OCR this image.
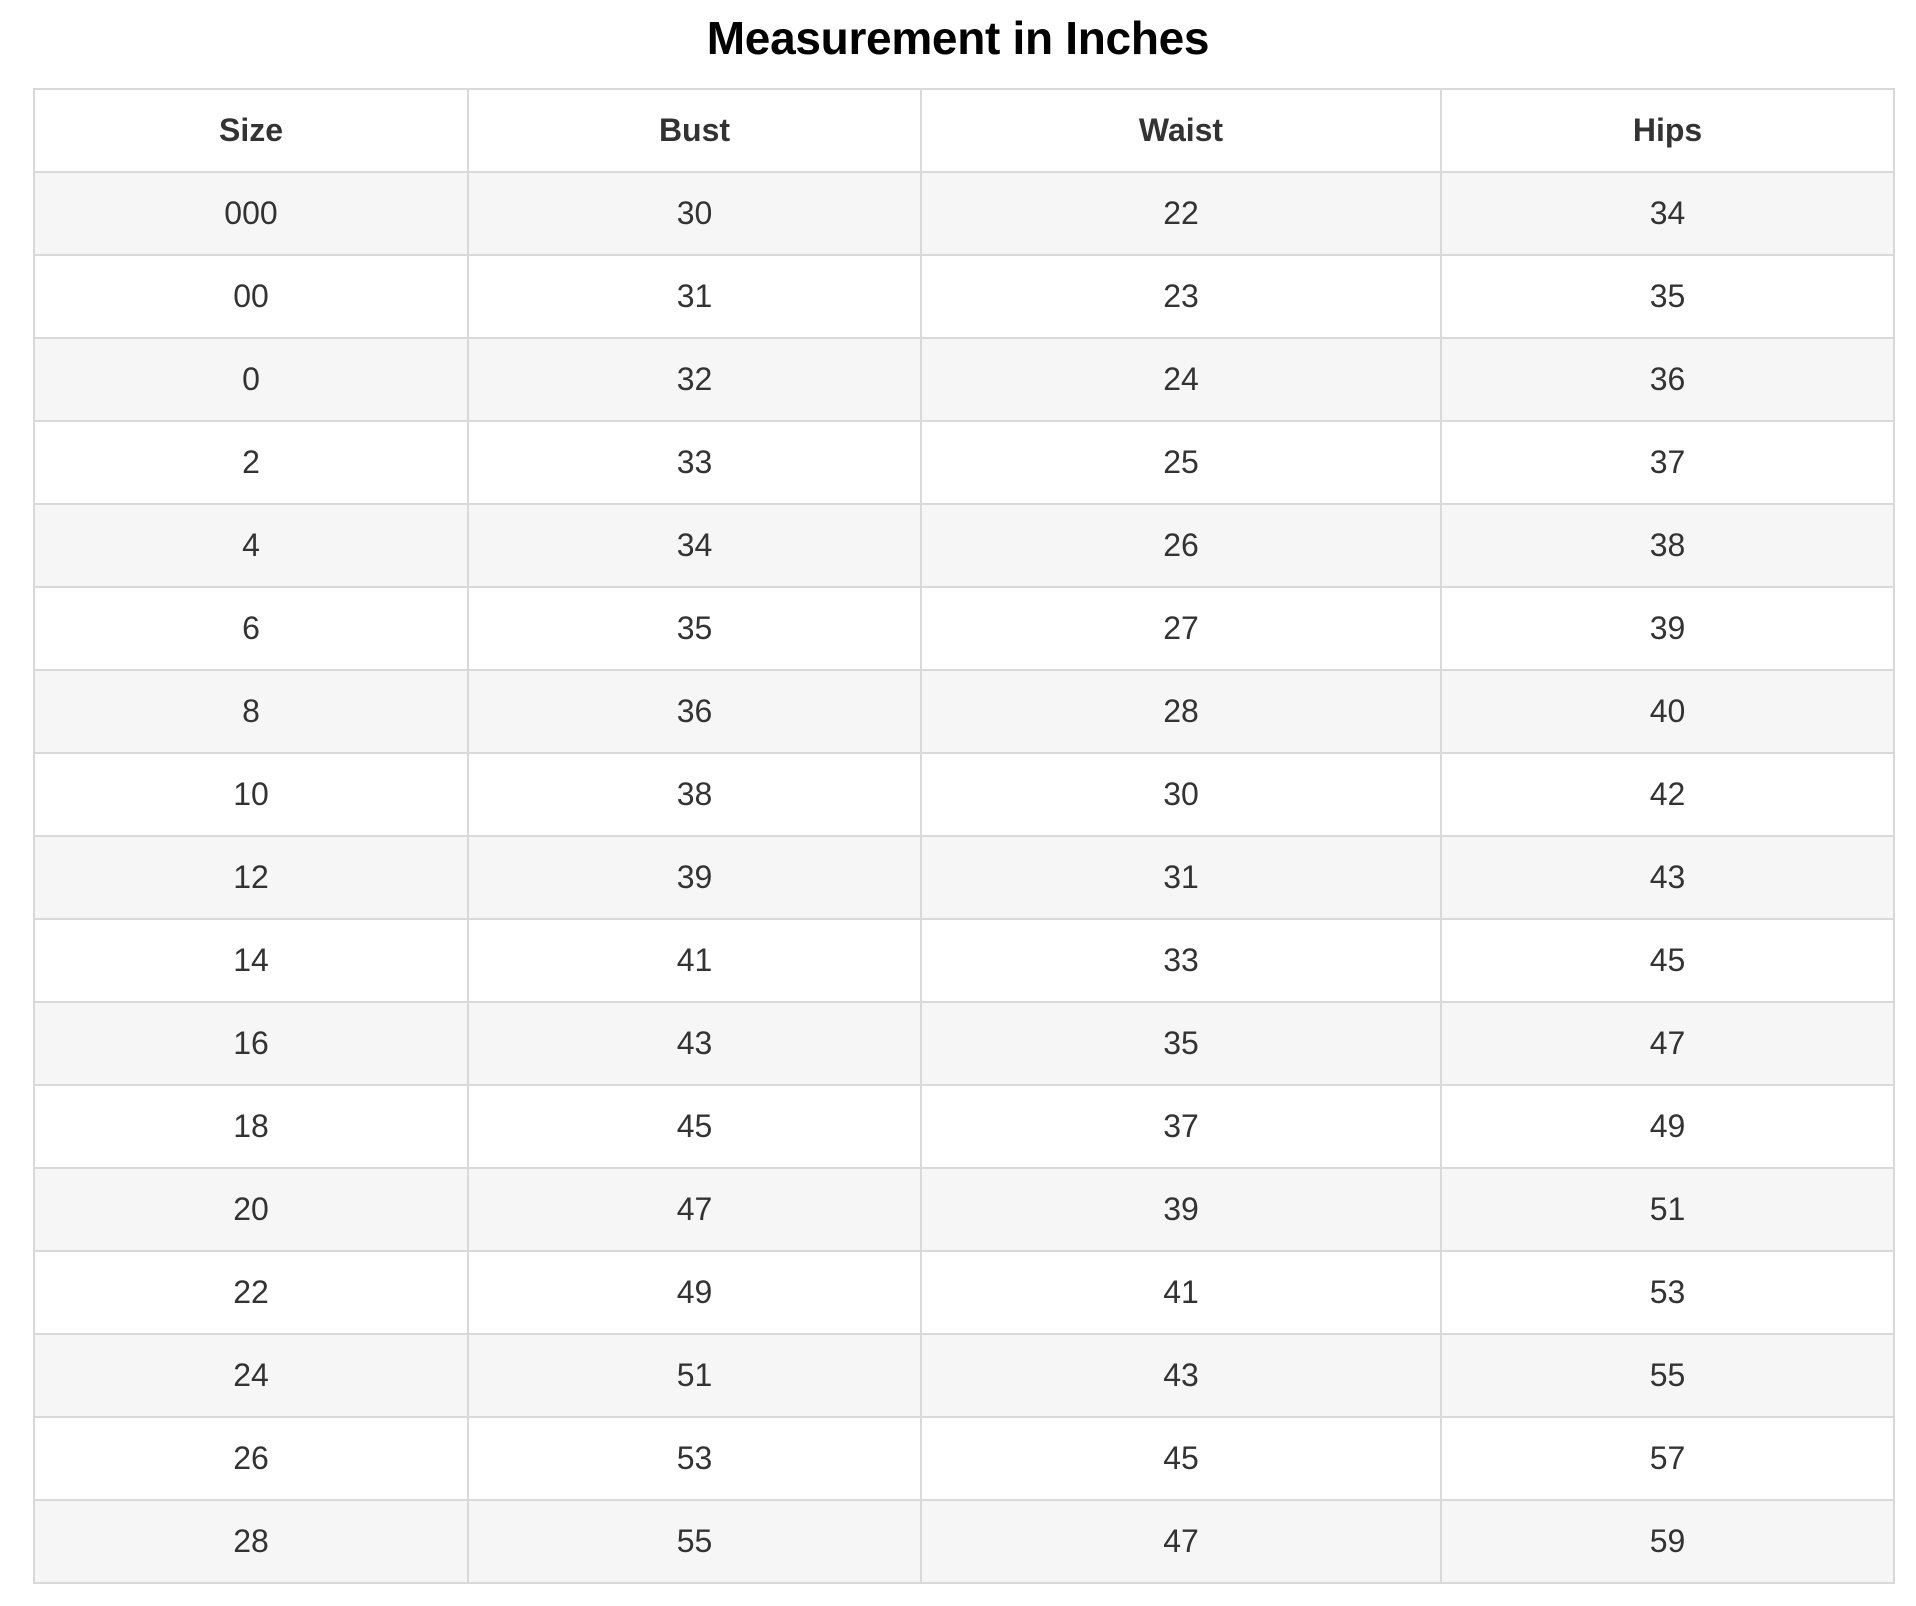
Measurement in Inches
Size	Bust	Waist	Hips
000	30	22	34
00	31	23	35
0	32	24	36
2	33	25	37
4	34	26	38
6	35	27	39
8	36	28	40
10	38	30	42
12	39	31	43
14	41	33	45
16	43	35	47
18	45	37	49
20	47	39	51
22	49	41	53
24	51	43	55
26	53	45	57
28	55	47	59
